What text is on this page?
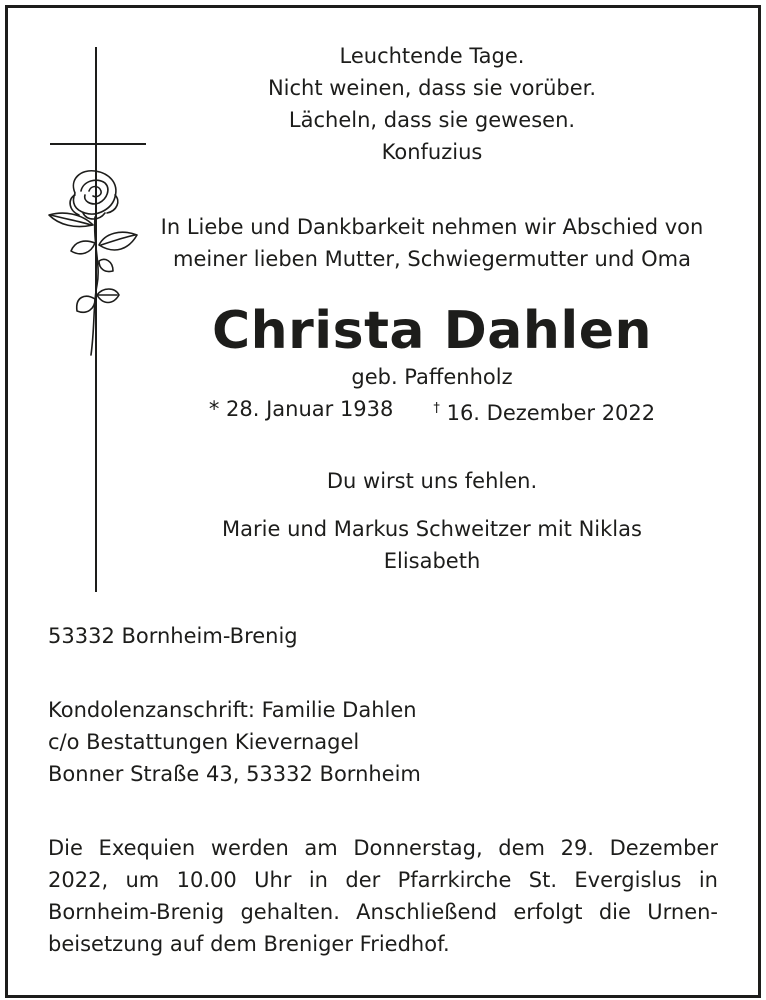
Leuchtende Tage.
Nicht weinen, dass sie vorüber.
Lächeln, dass sie gewesen.
Konfuzius
In Liebe und Dankbarkeit nehmen wir Abschied von
meiner lieben Mutter, Schwiegermutter und Oma
Christa Dahlen
geb. Paffenholz
* 28. Januar 1938	† 16. Dezember 2022
Du wirst uns fehlen.
Marie und Markus Schweitzer mit Niklas
Elisabeth
53332 Bornheim-Brenig
Kondolenzanschrift: Familie Dahlen
c/o Bestattungen Kievernagel
Bonner Straße 43, 53332 Bornheim
Die Exequien werden am Donnerstag, dem 29. Dezember
2022, um 10.00 Uhr in der Pfarrkirche St. Evergislus in
Bornheim-Brenig gehalten. Anschließend erfolgt die Urnen-
beisetzung auf dem Breniger Friedhof.
